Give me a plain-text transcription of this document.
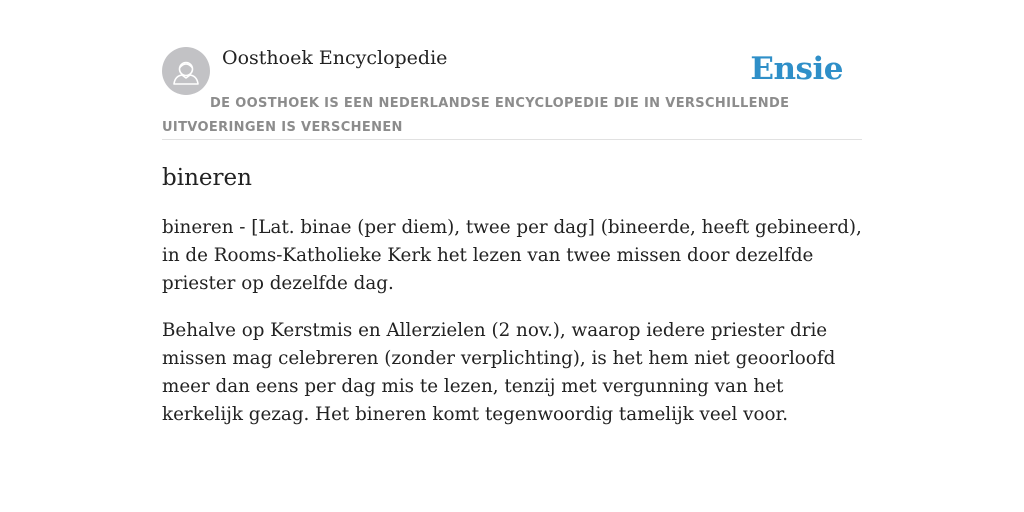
Oosthoek Encyclopedie	Ensie

DE OOSTHOEK IS EEN NEDERLANDSE ENCYCLOPEDIE DIE IN VERSCHILLENDE UITVOERINGEN IS VERSCHENEN

bineren

bineren - [Lat. binae (per diem), twee per dag] (bineerde, heeft gebineerd), in de Rooms-Katholieke Kerk het lezen van twee missen door dezelfde priester op dezelfde dag.

Behalve op Kerstmis en Allerzielen (2 nov.), waarop iedere priester drie missen mag celebreren (zonder verplichting), is het hem niet geoorloofd meer dan eens per dag mis te lezen, tenzij met vergunning van het kerkelijk gezag. Het bineren komt tegenwoordig tamelijk veel voor.
